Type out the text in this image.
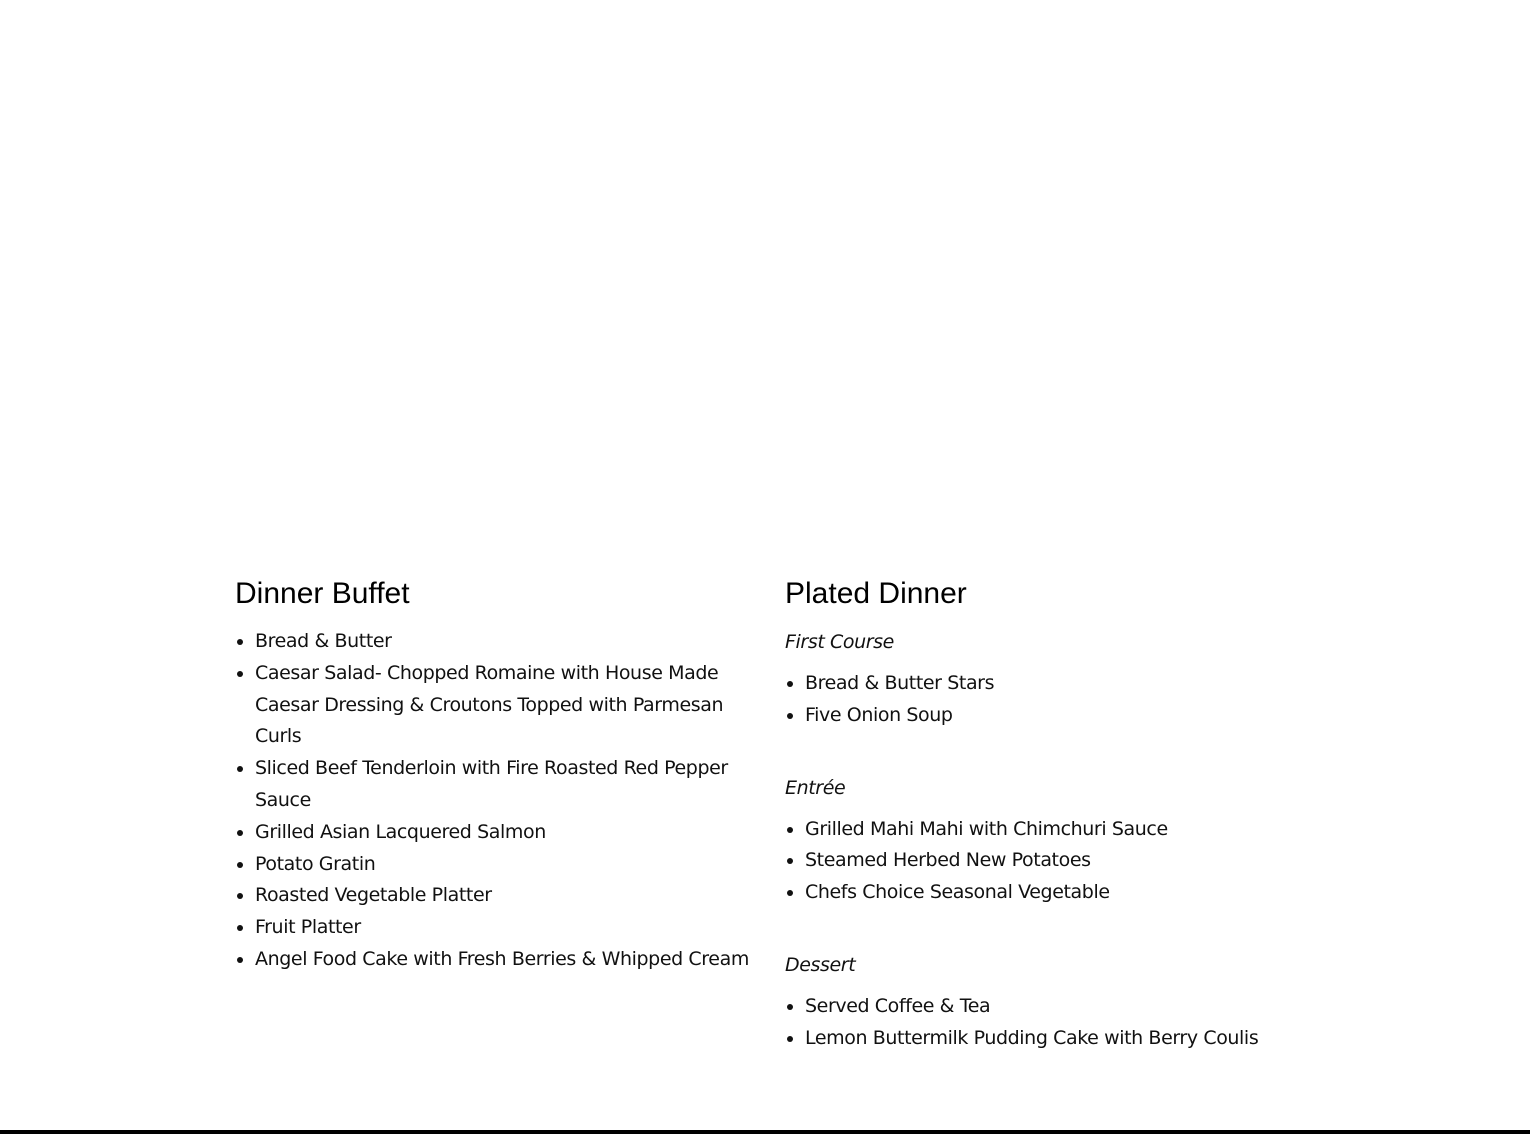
Dinner Buffet
• Bread & Butter
• Caesar Salad- Chopped Romaine with House Made Caesar Dressing & Croutons Topped with Parmesan Curls
• Sliced Beef Tenderloin with Fire Roasted Red Pepper Sauce
• Grilled Asian Lacquered Salmon
• Potato Gratin
• Roasted Vegetable Platter
• Fruit Platter
• Angel Food Cake with Fresh Berries & Whipped Cream
Plated Dinner
First Course
• Bread & Butter Stars
• Five Onion Soup
Entrée
• Grilled Mahi Mahi with Chimchuri Sauce
• Steamed Herbed New Potatoes
• Chefs Choice Seasonal Vegetable
Dessert
• Served Coffee & Tea
• Lemon Buttermilk Pudding Cake with Berry Coulis
